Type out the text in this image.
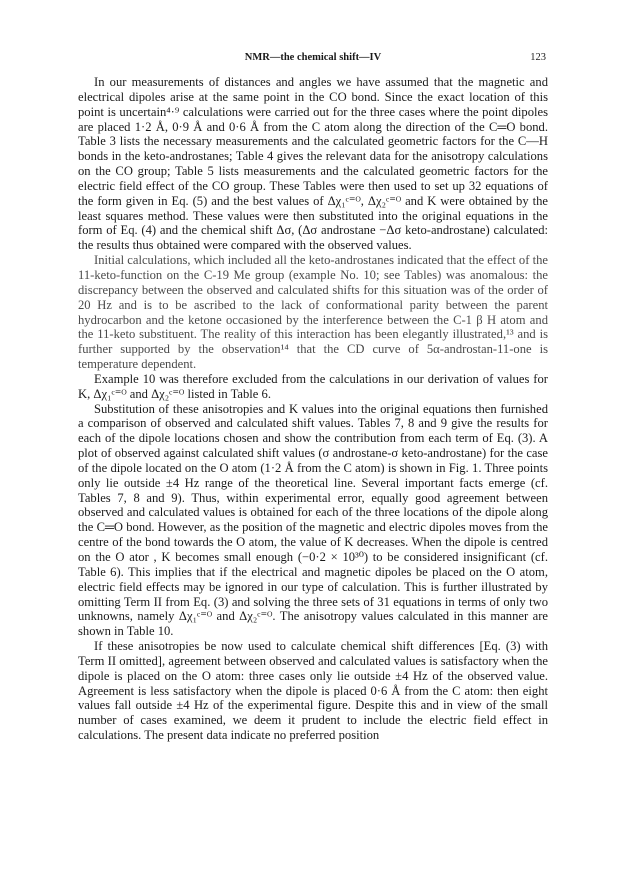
NMR—the chemical shift—IV	123

In our measurements of distances and angles we have assumed that the magnetic and electrical dipoles arise at the same point in the CO bond. Since the exact location of this point is uncertain⁴·⁹ calculations were carried out for the three cases where the point dipoles are placed 1·2 Å, 0·9 Å and 0·6 Å from the C atom along the direction of the C═O bond. Table 3 lists the necessary measurements and the calculated geometric factors for the C—H bonds in the keto-androstanes; Table 4 gives the relevant data for the anisotropy calculations on the CO group; Table 5 lists measurements and the calculated geometric factors for the electric field effect of the CO group. These Tables were then used to set up 32 equations of the form given in Eq. (5) and the best values of Δχ₁ᶜ⁼ᴼ, Δχ₂ᶜ⁼ᴼ and K were obtained by the least squares method. These values were then substituted into the original equations in the form of Eq. (4) and the chemical shift Δσ, (Δσ androstane −Δσ keto-androstane) calculated: the results thus obtained were compared with the observed values.

Initial calculations, which included all the keto-androstanes indicated that the effect of the 11-keto-function on the C-19 Me group (example No. 10; see Tables) was anomalous: the discrepancy between the observed and calculated shifts for this situation was of the order of 20 Hz and is to be ascribed to the lack of conformational parity between the parent hydrocarbon and the ketone occasioned by the interference between the C-1 β H atom and the 11-keto substituent. The reality of this interaction has been elegantly illustrated,¹³ and is further supported by the observation¹⁴ that the CD curve of 5α-androstan-11-one is temperature dependent.

Example 10 was therefore excluded from the calculations in our derivation of values for K, Δχ₁ᶜ⁼ᴼ and Δχ₂ᶜ⁼ᴼ listed in Table 6.

Substitution of these anisotropies and K values into the original equations then furnished a comparison of observed and calculated shift values. Tables 7, 8 and 9 give the results for each of the dipole locations chosen and show the contribution from each term of Eq. (3). A plot of observed against calculated shift values (σ androstane-σ keto-androstane) for the case of the dipole located on the O atom (1·2 Å from the C atom) is shown in Fig. 1. Three points only lie outside ±4 Hz range of the theoretical line. Several important facts emerge (cf. Tables 7, 8 and 9). Thus, within experimental error, equally good agreement between observed and calculated values is obtained for each of the three locations of the dipole along the C═O bond. However, as the position of the magnetic and electric dipoles moves from the centre of the bond towards the O atom, the value of K decreases. When the dipole is centred on the O ator , K becomes small enough (−0·2 × 10³⁰) to be considered insignificant (cf. Table 6). This implies that if the electrical and magnetic dipoles be placed on the O atom, electric field effects may be ignored in our type of calculation. This is further illustrated by omitting Term II from Eq. (3) and solving the three sets of 31 equations in terms of only two unknowns, namely Δχ₁ᶜ⁼ᴼ and Δχ₂ᶜ⁼ᴼ. The anisotropy values calculated in this manner are shown in Table 10.

If these anisotropies be now used to calculate chemical shift differences [Eq. (3) with Term II omitted], agreement between observed and calculated values is satisfactory when the dipole is placed on the O atom: three cases only lie outside ±4 Hz of the observed value. Agreement is less satisfactory when the dipole is placed 0·6 Å from the C atom: then eight values fall outside ±4 Hz of the experimental figure. Despite this and in view of the small number of cases examined, we deem it prudent to include the electric field effect in calculations. The present data indicate no preferred position
